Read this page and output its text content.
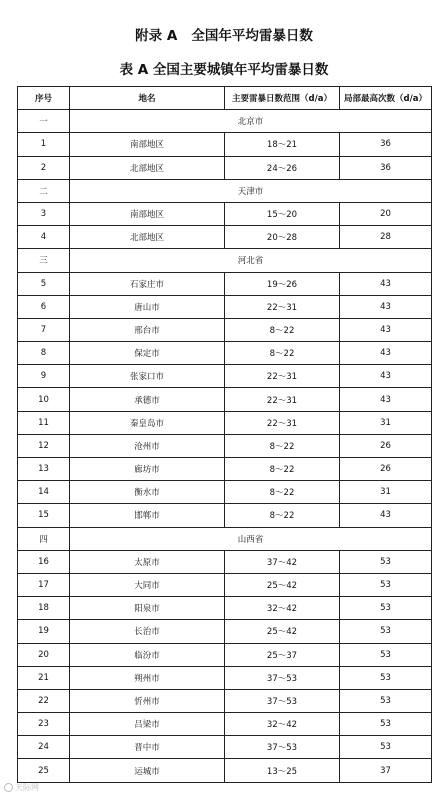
附录 A   全国年平均雷暴日数
表 A 全国主要城镇年平均雷暴日数
序号	地名	主要雷暴日数范围（d/a）	局部最高次数（d/a）
一	北京市		
1	南部地区	18～21	36
2	北部地区	24～26	36
二	天津市		
3	南部地区	15～20	20
4	北部地区	20～28	28
三	河北省		
5	石家庄市	19～26	43
6	唐山市	22～31	43
7	邢台市	8～22	43
8	保定市	8～22	43
9	张家口市	22～31	43
10	承德市	22～31	43
11	秦皇岛市	22～31	31
12	沧州市	8～22	26
13	廊坊市	8～22	26
14	衡水市	8～22	31
15	邯郸市	8～22	43
四	山西省		
16	太原市	37～42	53
17	大同市	25～42	53
18	阳泉市	32～42	53
19	长治市	25～42	53
20	临汾市	25～37	53
21	朔州市	37～53	53
22	忻州市	37～53	53
23	吕梁市	32～42	53
24	晋中市	37～53	53
25	运城市	13～25	37
天际网
